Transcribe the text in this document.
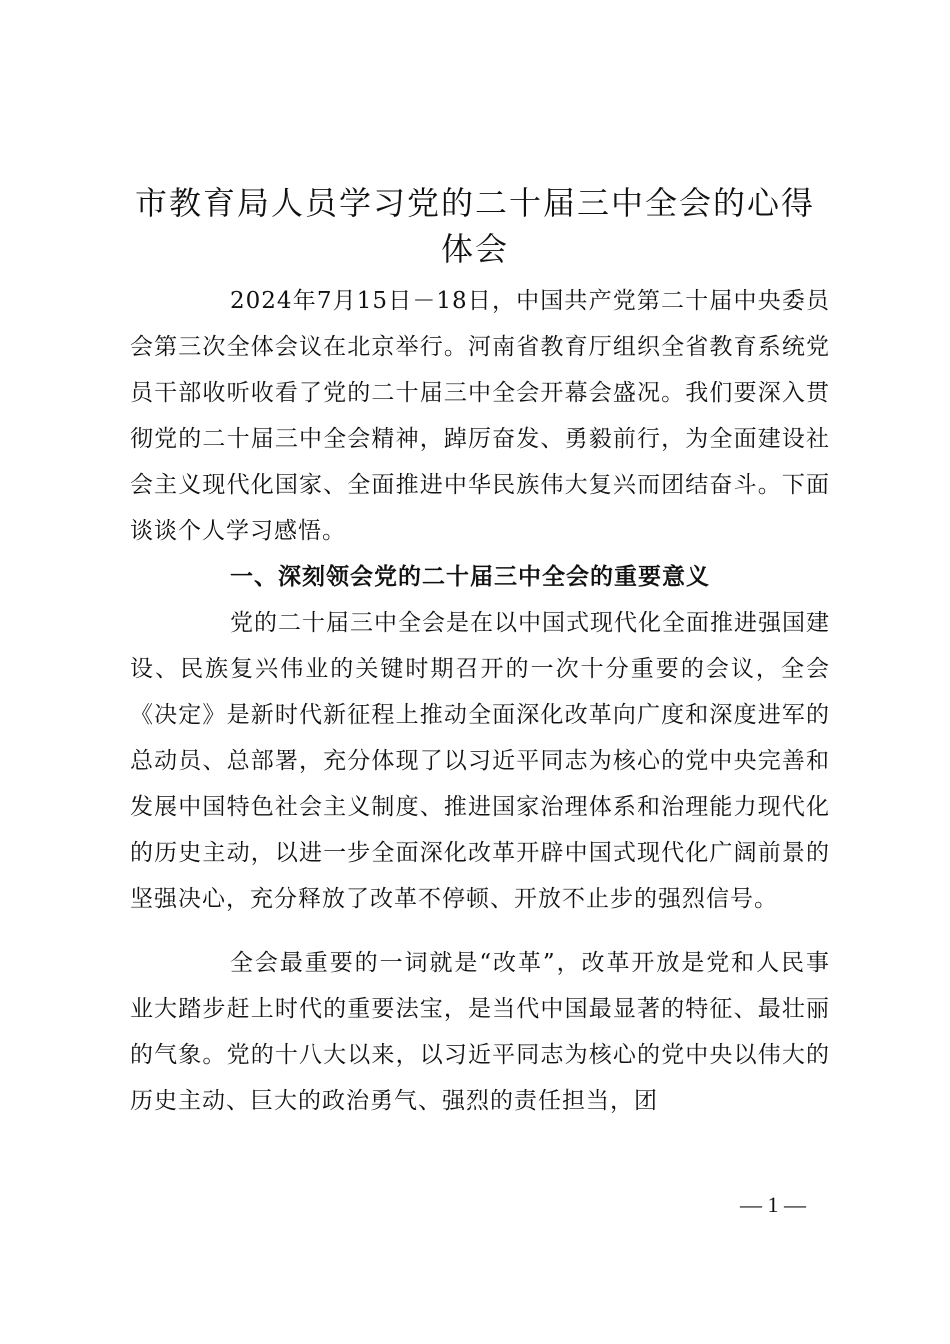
市教育局人员学习党的二十届三中全会的心得体会

2024年7月15日－18日，中国共产党第二十届中央委员会第三次全体会议在北京举行。河南省教育厅组织全省教育系统党员干部收听收看了党的二十届三中全会开幕会盛况。我们要深入贯彻党的二十届三中全会精神，踔厉奋发、勇毅前行，为全面建设社会主义现代化国家、全面推进中华民族伟大复兴而团结奋斗。下面谈谈个人学习感悟。

一、深刻领会党的二十届三中全会的重要意义

党的二十届三中全会是在以中国式现代化全面推进强国建设、民族复兴伟业的关键时期召开的一次十分重要的会议，全会《决定》是新时代新征程上推动全面深化改革向广度和深度进军的总动员、总部署，充分体现了以习近平同志为核心的党中央完善和发展中国特色社会主义制度、推进国家治理体系和治理能力现代化的历史主动，以进一步全面深化改革开辟中国式现代化广阔前景的坚强决心，充分释放了改革不停顿、开放不止步的强烈信号。

全会最重要的一词就是“改革”，改革开放是党和人民事业大踏步赶上时代的重要法宝，是当代中国最显著的特征、最壮丽的气象。党的十八大以来，以习近平同志为核心的党中央以伟大的历史主动、巨大的政治勇气、强烈的责任担当，团

— 1 —
